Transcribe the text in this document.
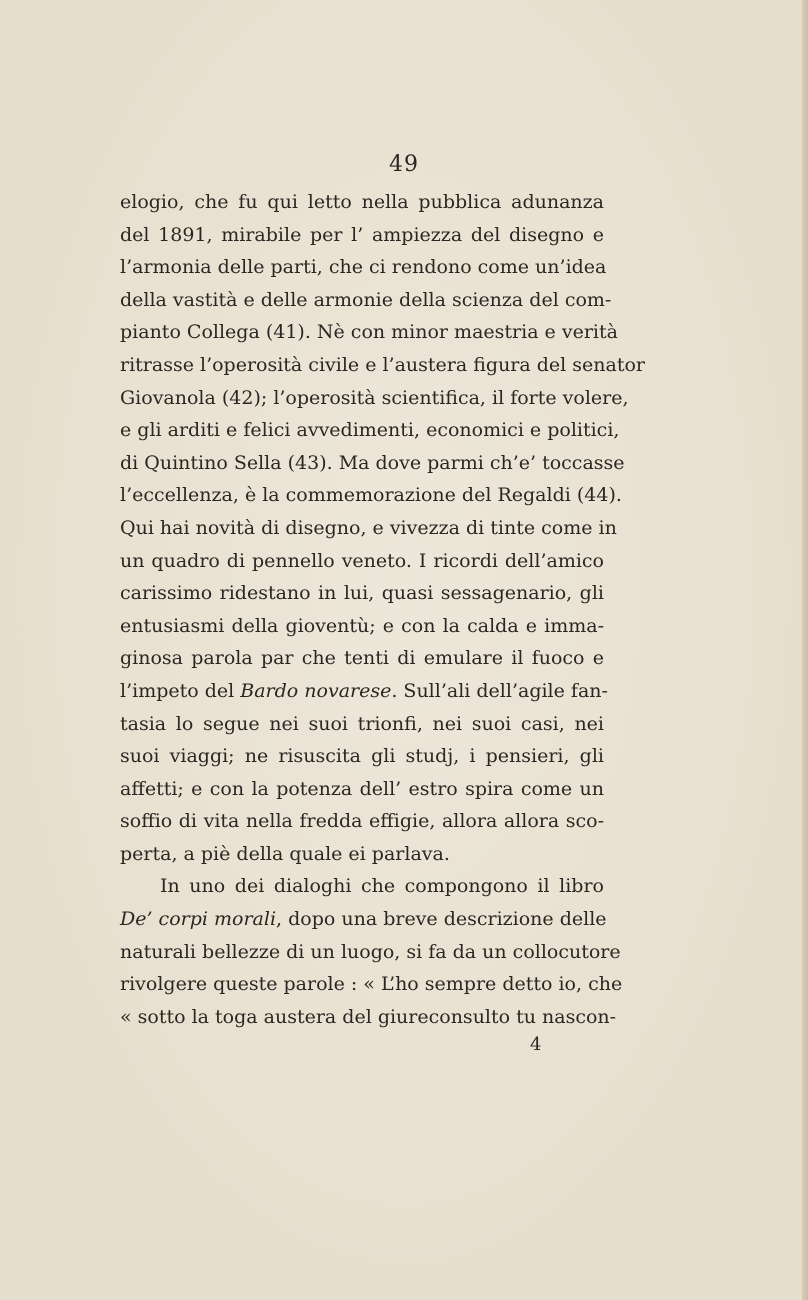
49
elogio, che fu qui letto nella pubblica adunanza
del 1891, mirabile per l’ ampiezza del disegno e
l’armonia delle parti, che ci rendono come un’idea
della vastità e delle armonie della scienza del com-
pianto Collega (41). Nè con minor maestria e verità
ritrasse l’operosità civile e l’austera figura del senator
Giovanola (42); l’operosità scientifica, il forte volere,
e gli arditi e felici avvedimenti, economici e politici,
di Quintino Sella (43). Ma dove parmi ch’e’ toccasse
l’eccellenza, è la commemorazione del Regaldi (44).
Qui hai novità di disegno, e vivezza di tinte come in
un quadro di pennello veneto. I ricordi dell’amico
carissimo ridestano in lui, quasi sessagenario, gli
entusiasmi della gioventù; e con la calda e imma-
ginosa parola par che tenti di emulare il fuoco e
l’impeto del Bardo novarese. Sull’ali dell’agile fan-
tasia lo segue nei suoi trionfi, nei suoi casi, nei
suoi viaggi; ne risuscita gli studj, i pensieri, gli
affetti; e con la potenza dell’ estro spira come un
soffio di vita nella fredda effigie, allora allora sco-
perta, a piè della quale ei parlava.
In uno dei dialoghi che compongono il libro
De’ corpi morali, dopo una breve descrizione delle
naturali bellezze di un luogo, si fa da un collocutore
rivolgere queste parole : « L’ho sempre detto io, che
« sotto la toga austera del giureconsulto tu nascon-
4
